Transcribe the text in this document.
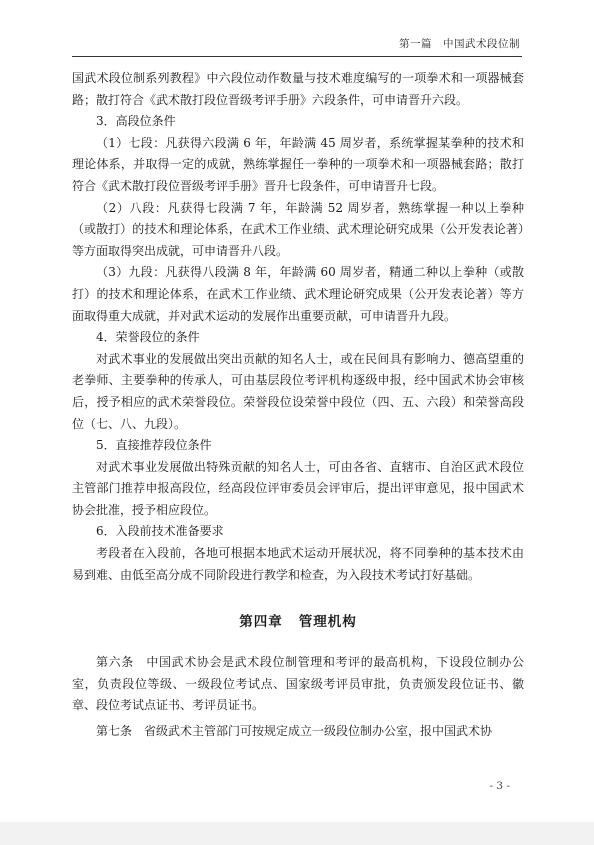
第一篇　中国武术段位制

国武术段位制系列教程》中六段位动作数量与技术难度编写的一项拳术和一项器械套路；散打符合《武术散打段位晋级考评手册》六段条件，可申请晋升六段。

3．高段位条件

（1）七段：凡获得六段满 6 年，年龄满 45 周岁者，系统掌握某拳种的技术和理论体系，并取得一定的成就，熟练掌握任一拳种的一项拳术和一项器械套路；散打符合《武术散打段位晋级考评手册》晋升七段条件，可申请晋升七段。

（2）八段：凡获得七段满 7 年，年龄满 52 周岁者，熟练掌握一种以上拳种（或散打）的技术和理论体系，在武术工作业绩、武术理论研究成果（公开发表论著）等方面取得突出成就，可申请晋升八段。

（3）九段：凡获得八段满 8 年，年龄满 60 周岁者，精通二种以上拳种（或散打）的技术和理论体系，在武术工作业绩、武术理论研究成果（公开发表论著）等方面取得重大成就，并对武术运动的发展作出重要贡献，可申请晋升九段。

4．荣誉段位的条件

对武术事业的发展做出突出贡献的知名人士，或在民间具有影响力、德高望重的老拳师、主要拳种的传承人，可由基层段位考评机构逐级申报，经中国武术协会审核后，授予相应的武术荣誉段位。荣誉段位设荣誉中段位（四、五、六段）和荣誉高段位（七、八、九段）。

5．直接推荐段位条件

对武术事业发展做出特殊贡献的知名人士，可由各省、直辖市、自治区武术段位主管部门推荐申报高段位，经高段位评审委员会评审后，提出评审意见，报中国武术协会批准，授予相应段位。

6．入段前技术准备要求

考段者在入段前，各地可根据本地武术运动开展状况，将不同拳种的基本技术由易到难、由低至高分成不同阶段进行教学和检查，为入段技术考试打好基础。

第四章 管理机构

第六条　中国武术协会是武术段位制管理和考评的最高机构，下设段位制办公室，负责段位等级、一级段位考试点、国家级考评员审批，负责颁发段位证书、徽章、段位考试点证书、考评员证书。

第七条　省级武术主管部门可按规定成立一级段位制办公室，报中国武术协

- 3 -
